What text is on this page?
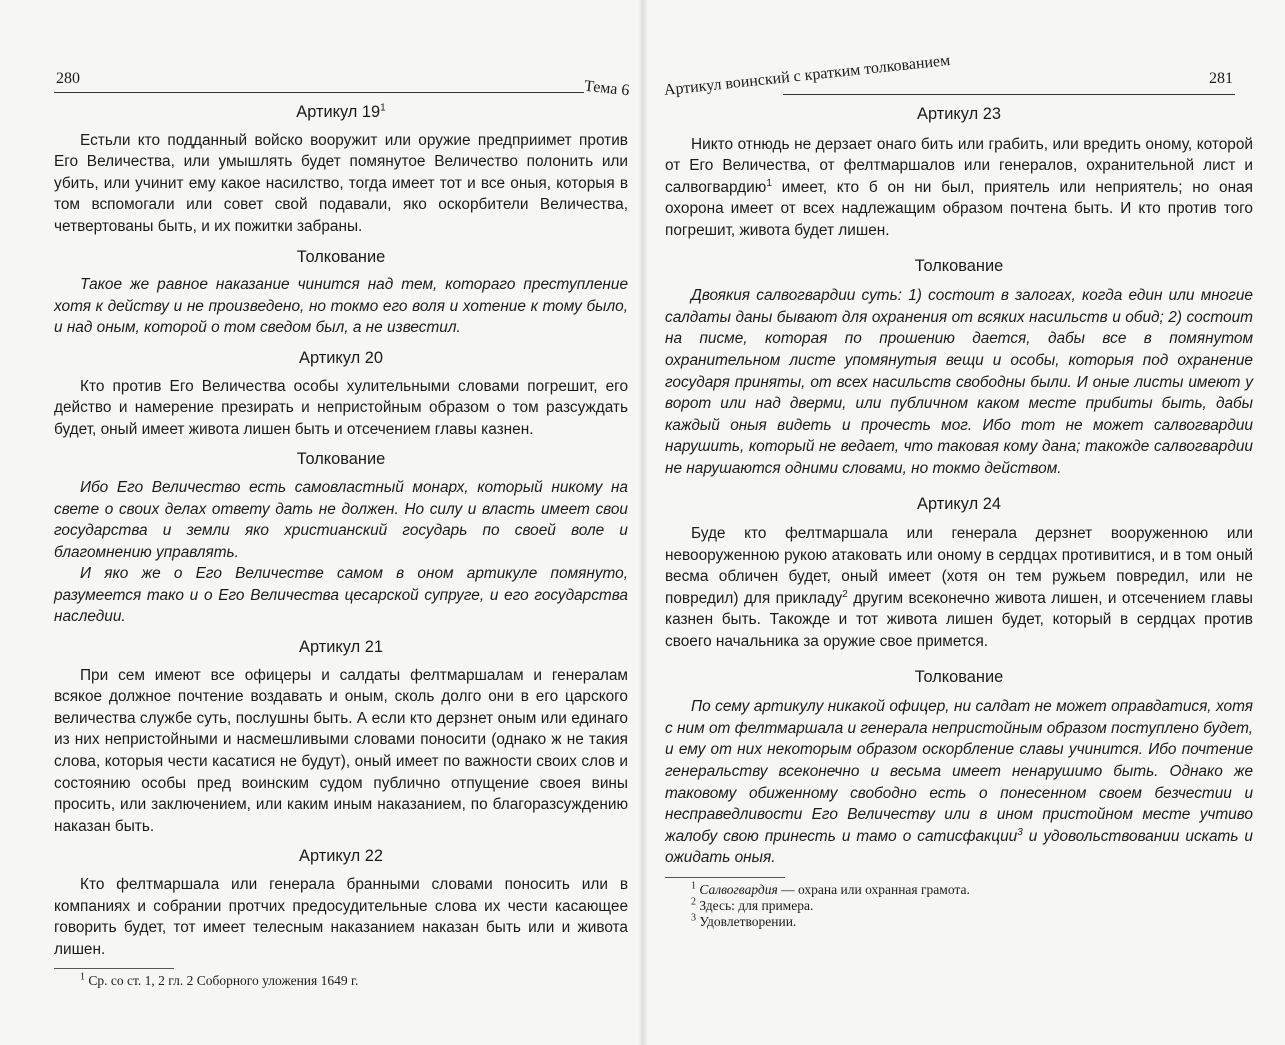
280	Тема 6
Артикул $19^1$

Естьли кто подданный войско вооружит или оружие предприимет против Его Величества, или умышлять будет помянутое Величество полонить или убить, или учинит ему какое насилство, тогда имеет тот и все оныя, которыя в том вспомогали или совет свой подавали, яко оскорбители Величества, четвертованы быть, и их пожитки забраны.

Толкование

Такое же равное наказание чинится над тем, котораго преступление хотя к действу и не произведено, но токмо его воля и хотение к тому было, и над оным, которой о том сведом был, а не известил.

Артикул 20

Кто против Его Величества особы хулительными словами погрешит, его действо и намерение презирать и непристойным образом о том разсуждать будет, оный имеет живота лишен быть и отсечением главы казнен.

Толкование

Ибо Его Величество есть самовластный монарх, который никому на свете о своих делах ответу дать не должен. Но силу и власть имеет свои государства и земли яко христианский государь по своей воле и благомнению управлять.

И яко же о Его Величестве самом в оном артикуле помянуто, разумеется тако и о Его Величества цесарской супруге, и его государства наследии.

Артикул 21

При сем имеют все офицеры и салдаты фелтмаршалам и генералам всякое должное почтение воздавать и оным, сколь долго они в его царского величества службе суть, послушны быть. А если кто дерзнет оным или единаго из них непристойными и насмешливыми словами поносити (однако ж не такия слова, которыя чести касатися не будут), оный имеет по важности своих слов и состоянию особы пред воинским судом публично отпущение своея вины просить, или заключением, или каким иным наказанием, по благоразсуждению наказан быть.

Артикул 22

Кто фелтмаршала или генерала бранными словами поносить или в компаниях и собрании протчих предосудительные слова их чести касающее говорить будет, тот имеет телесным наказанием наказан быть или и живота лишен.

$^1$ Ср. со ст. 1, 2 гл. 2 Соборного уложения 1649 г.

Артикул воинский с кратким толкованием	281
Артикул 23

Никто отнюдь не дерзает онаго бить или грабить, или вредить оному, которой от Его Величества, от фелтмаршалов или генералов, охранительной лист и салвогвардию$^1$ имеет, кто б он ни был, приятель или неприятель; но оная охорона имеет от всех надлежащим образом почтена быть. И кто против того погрешит, живота будет лишен.

Толкование

Двоякия салвогвардии суть: 1) состоит в залогах, когда един или многие салдаты даны бывают для охранения от всяких насильств и обид; 2) состоит на писме, которая по прошению дается, дабы все в помянутом охранительном листе упомянутыя вещи и особы, которыя под охранение государя приняты, от всех насильств свободны были. И оные листы имеют у ворот или над дверми, или публичном каком месте прибиты быть, дабы каждый оныя видеть и прочесть мог. Ибо тот не может салвогвардии нарушить, который не ведает, что таковая кому дана; такожде салвогвардии не нарушаются одними словами, но токмо действом.

Артикул 24

Буде кто фелтмаршала или генерала дерзнет вооруженною или невооруженною рукою атаковать или оному в сердцах противитися, и в том оный весма обличен будет, оный имеет (хотя он тем ружьем повредил, или не повредил) для прикладу$^2$ другим всеконечно живота лишен, и отсечением главы казнен быть. Такожде и тот живота лишен будет, который в сердцах против своего начальника за оружие свое примется.

Толкование

По сему артикулу никакой офицер, ни салдат не может оправдатися, хотя с ним от фелтмаршала и генерала непристойным образом поступлено будет, и ему от них некоторым образом оскорбление славы учинится. Ибо почтение генеральству всеконечно и весьма имеет ненарушимо быть. Однако же таковому обиженному свободно есть о понесенном своем безчестии и несправедливости Его Величеству или в ином пристойном месте учтиво жалобу свою принесть и тамо о сатисфакции$^3$ и удовольствовании искать и ожидать оныя.

$^1$ Салвогвардия — охрана или охранная грамота.

$^2$ Здесь: для примера.

$^3$ Удовлетворении.
